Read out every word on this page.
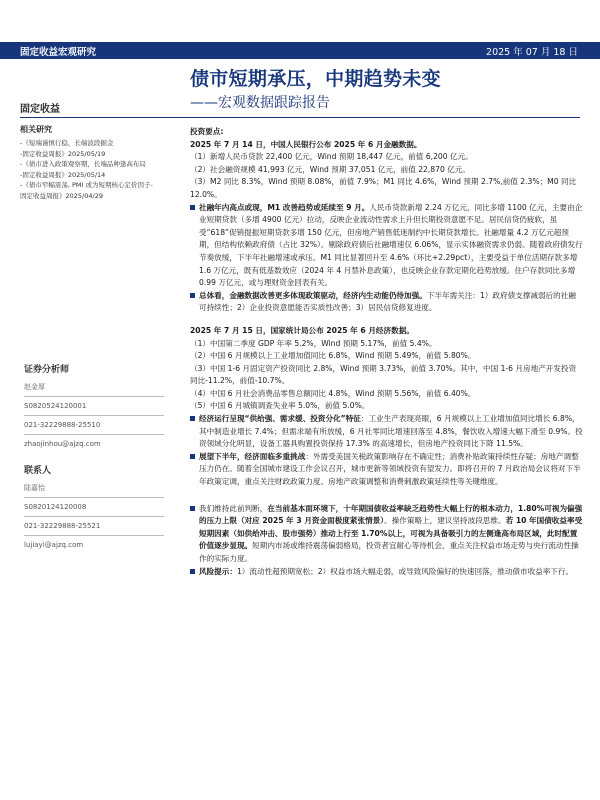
固定收益宏观研究	2025 年 07 月 18 日
债市短期承压，中期趋势未变
——宏观数据跟踪报告
固定收益
相关研究
-《短端谨慎行稳，长端波段掘金
-固定收益周报》2025/05/19
-《债市进入政策观察期，长端品种逢高布局
-固定收益周报》2025/05/14
-《债市窄幅震荡, PMI 或为短期核心定价因子-
固定收益周报》2025/04/29
证券分析师
赵金厚
S0820524120001
021-32229888-25510
zhaojinhou@ajzq.com
联系人
陆嘉怡
S0820124120008
021-32229888-25521
lujiayi@ajzq.com

投资要点:

2025 年 7 月 14 日，中国人民银行公布 2025 年 6 月金融数据。

（1）新增人民币贷款 22,400 亿元，Wind 预期 18,447 亿元，前值 6,200 亿元。

（2）社会融资规模 41,993 亿元，Wind 预期 37,051 亿元，前值 22,870 亿元。

（3）M2 同比 8.3%，Wind 预期 8.08%，前值 7.9%；M1 同比 4.6%，Wind 预期 2.7%,前值 2.3%；M0 同比 12.0%。

社融年内高点或现，M1 改善趋势或延续至 9 月。人民币贷款新增 2.24 万亿元，同比多增 1100 亿元，主要由企业短期贷款（多增 4900 亿元）拉动，反映企业流动性需求上升但长期投资意愿不足。居民信贷仍疲软，虽受“618”促销提振短期贷款多增 150 亿元，但房地产销售低迷制约中长期贷款增长。社融增量 4.2 万亿元超预期，但结构依赖政府债（占比 32%）。剔除政府债后社融增速仅 6.06%，显示实体融资需求仍弱。随着政府债发行节奏放缓，下半年社融增速或承压。M1 同比显著回升至 4.6%（环比+2.29pct），主要受益于单位活期存款多增 1.6 万亿元，既有低基数效应（2024 年 4 月禁补息政策），也反映企业存款定期化趋势放缓。住户存款同比多增 0.99 万亿元，或与理财资金回表有关。

总体看，金融数据改善更多体现政策驱动，经济内生动能仍待加强。下半年需关注：1）政府债支撑减弱后的社融可持续性；2）企业投资意愿能否实质性改善；3）居民信贷修复进度。

2025 年 7 月 15 日，国家统计局公布 2025 年 6 月经济数据。

（1）中国第二季度 GDP 年率 5.2%，Wind 预期 5.17%，前值 5.4%。

（2）中国 6 月规模以上工业增加值同比 6.8%，Wind 预期 5.49%，前值 5.80%。

（3）中国 1-6 月固定资产投资同比 2.8%，Wind 预期 3.73%，前值 3.70%。其中，中国 1-6 月房地产开发投资同比-11.2%，前值-10.7%。

（4）中国 6 月社会消费品零售总额同比 4.8%，Wind 预期 5.56%，前值 6.40%。

（5）中国 6 月城镇调查失业率 5.0%，前值 5.0%。

经济运行呈现“供给强、需求缓、投资分化”特征：工业生产表现亮眼，6 月规模以上工业增加值同比增长 6.8%，其中制造业增长 7.4%；但需求端有所放缓，6 月社零同比增速回落至 4.8%，餐饮收入增速大幅下滑至 0.9%。投资领域分化明显，设备工器具购置投资保持 17.3% 的高速增长，但房地产投资同比下降 11.5%。

展望下半年，经济面临多重挑战：外需受美国关税政策影响存在不确定性；消费补贴政策持续性存疑；房地产调整压力仍在。随着全国城市建设工作会议召开，城市更新等领域投资有望发力。即将召开的 7 月政治局会议将对下半年政策定调，重点关注财政政策力度、房地产政策调整和消费刺激政策延续性等关键维度。

我们维持此前判断，在当前基本面环境下，十年期国债收益率缺乏趋势性大幅上行的根本动力，1.80%可视为偏强的压力上限（对应 2025 年 3 月资金面极度紧张情景）。操作策略上，建议坚持波段思维。若 10 年国债收益率受短期因素（如供给冲击、股市强势）推动上行至 1.70%以上，可视为具备吸引力的左侧逢高布局区域，此时配置价值逐步显现。短期内市场或维持震荡偏弱格局，投资者宜耐心等待机会，重点关注权益市场走势与央行流动性操作的实际力度。

风险提示：1）流动性超预期宽松；2）权益市场大幅走弱，或导致风险偏好的快速回落，推动债市收益率下行。
